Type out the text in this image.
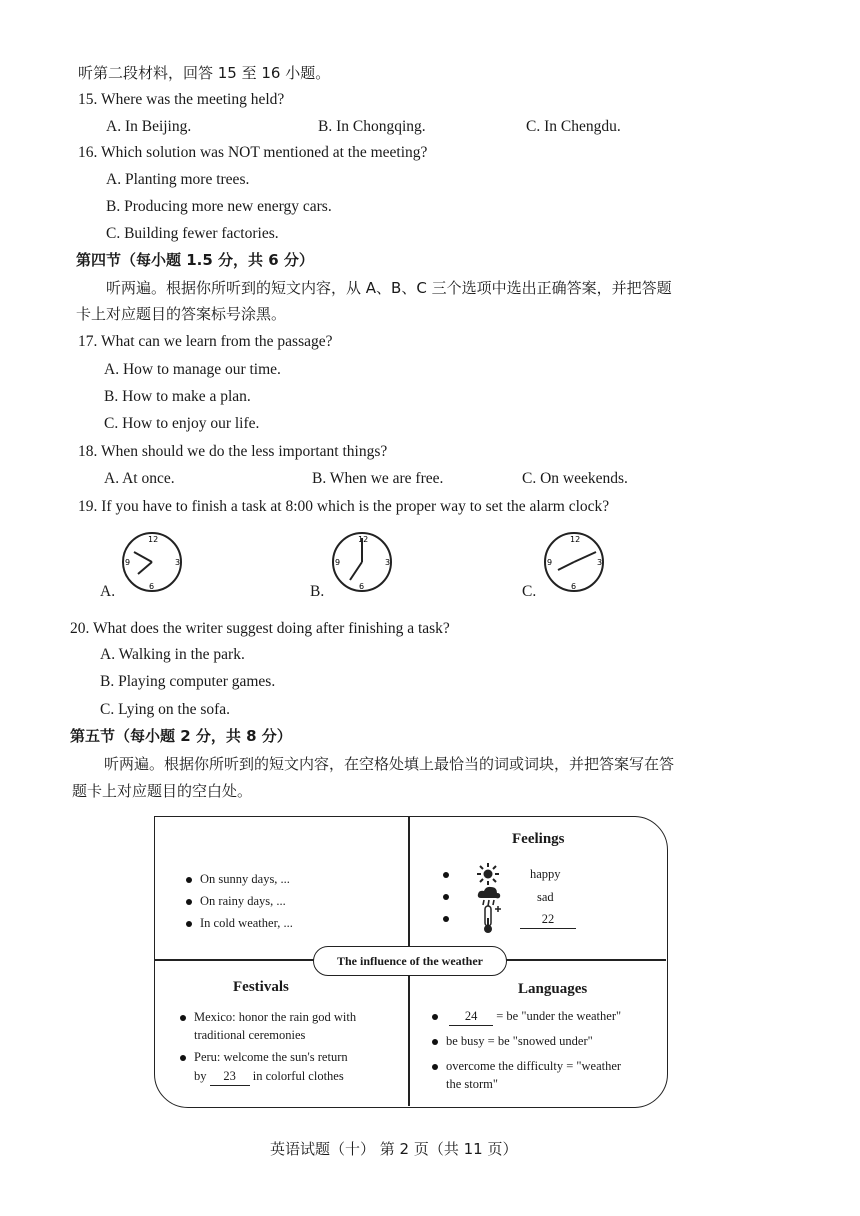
听第二段材料，回答 15 至 16 小题。
15. Where was the meeting held?
A. In Beijing.	B. In Chongqing.	C. In Chengdu.
16. Which solution was NOT mentioned at the meeting?
A. Planting more trees.
B. Producing more new energy cars.
C. Building fewer factories.
第四节（每小题 1.5 分，共 6 分）
听两遍。根据你所听到的短文内容，从 A、B、C 三个选项中选出正确答案，并把答题
卡上对应题目的答案标号涂黑。
17. What can we learn from the passage?
A. How to manage our time.
B. How to make a plan.
C. How to enjoy our life.
18. When should we do the less important things?
A. At once.	B. When we are free.	C. On weekends.
19. If you have to finish a task at 8:00 which is the proper way to set the alarm clock?
A.
12
3
6
9
B.
12
3
6
9
C.
12
3
6
9
20. What does the writer suggest doing after finishing a task?
A. Walking in the park.
B. Playing computer games.
C. Lying on the sofa.
第五节（每小题 2 分，共 8 分）
听两遍。根据你所听到的短文内容，在空格处填上最恰当的词或词块，并把答案写在答
题卡上对应题目的空白处。
On sunny days, ...
On rainy days, ...
In cold weather, ...
Feelings
happy
sad
22
The influence of the weather
Festivals
Mexico: honor the rain god with
traditional ceremonies
Peru: welcome the sun's return
by 23 in colorful clothes
Languages
24 = be "under the weather"
be busy = be "snowed under"
overcome the difficulty = "weather
the storm"
英语试题（十） 第 2 页（共 11 页）
